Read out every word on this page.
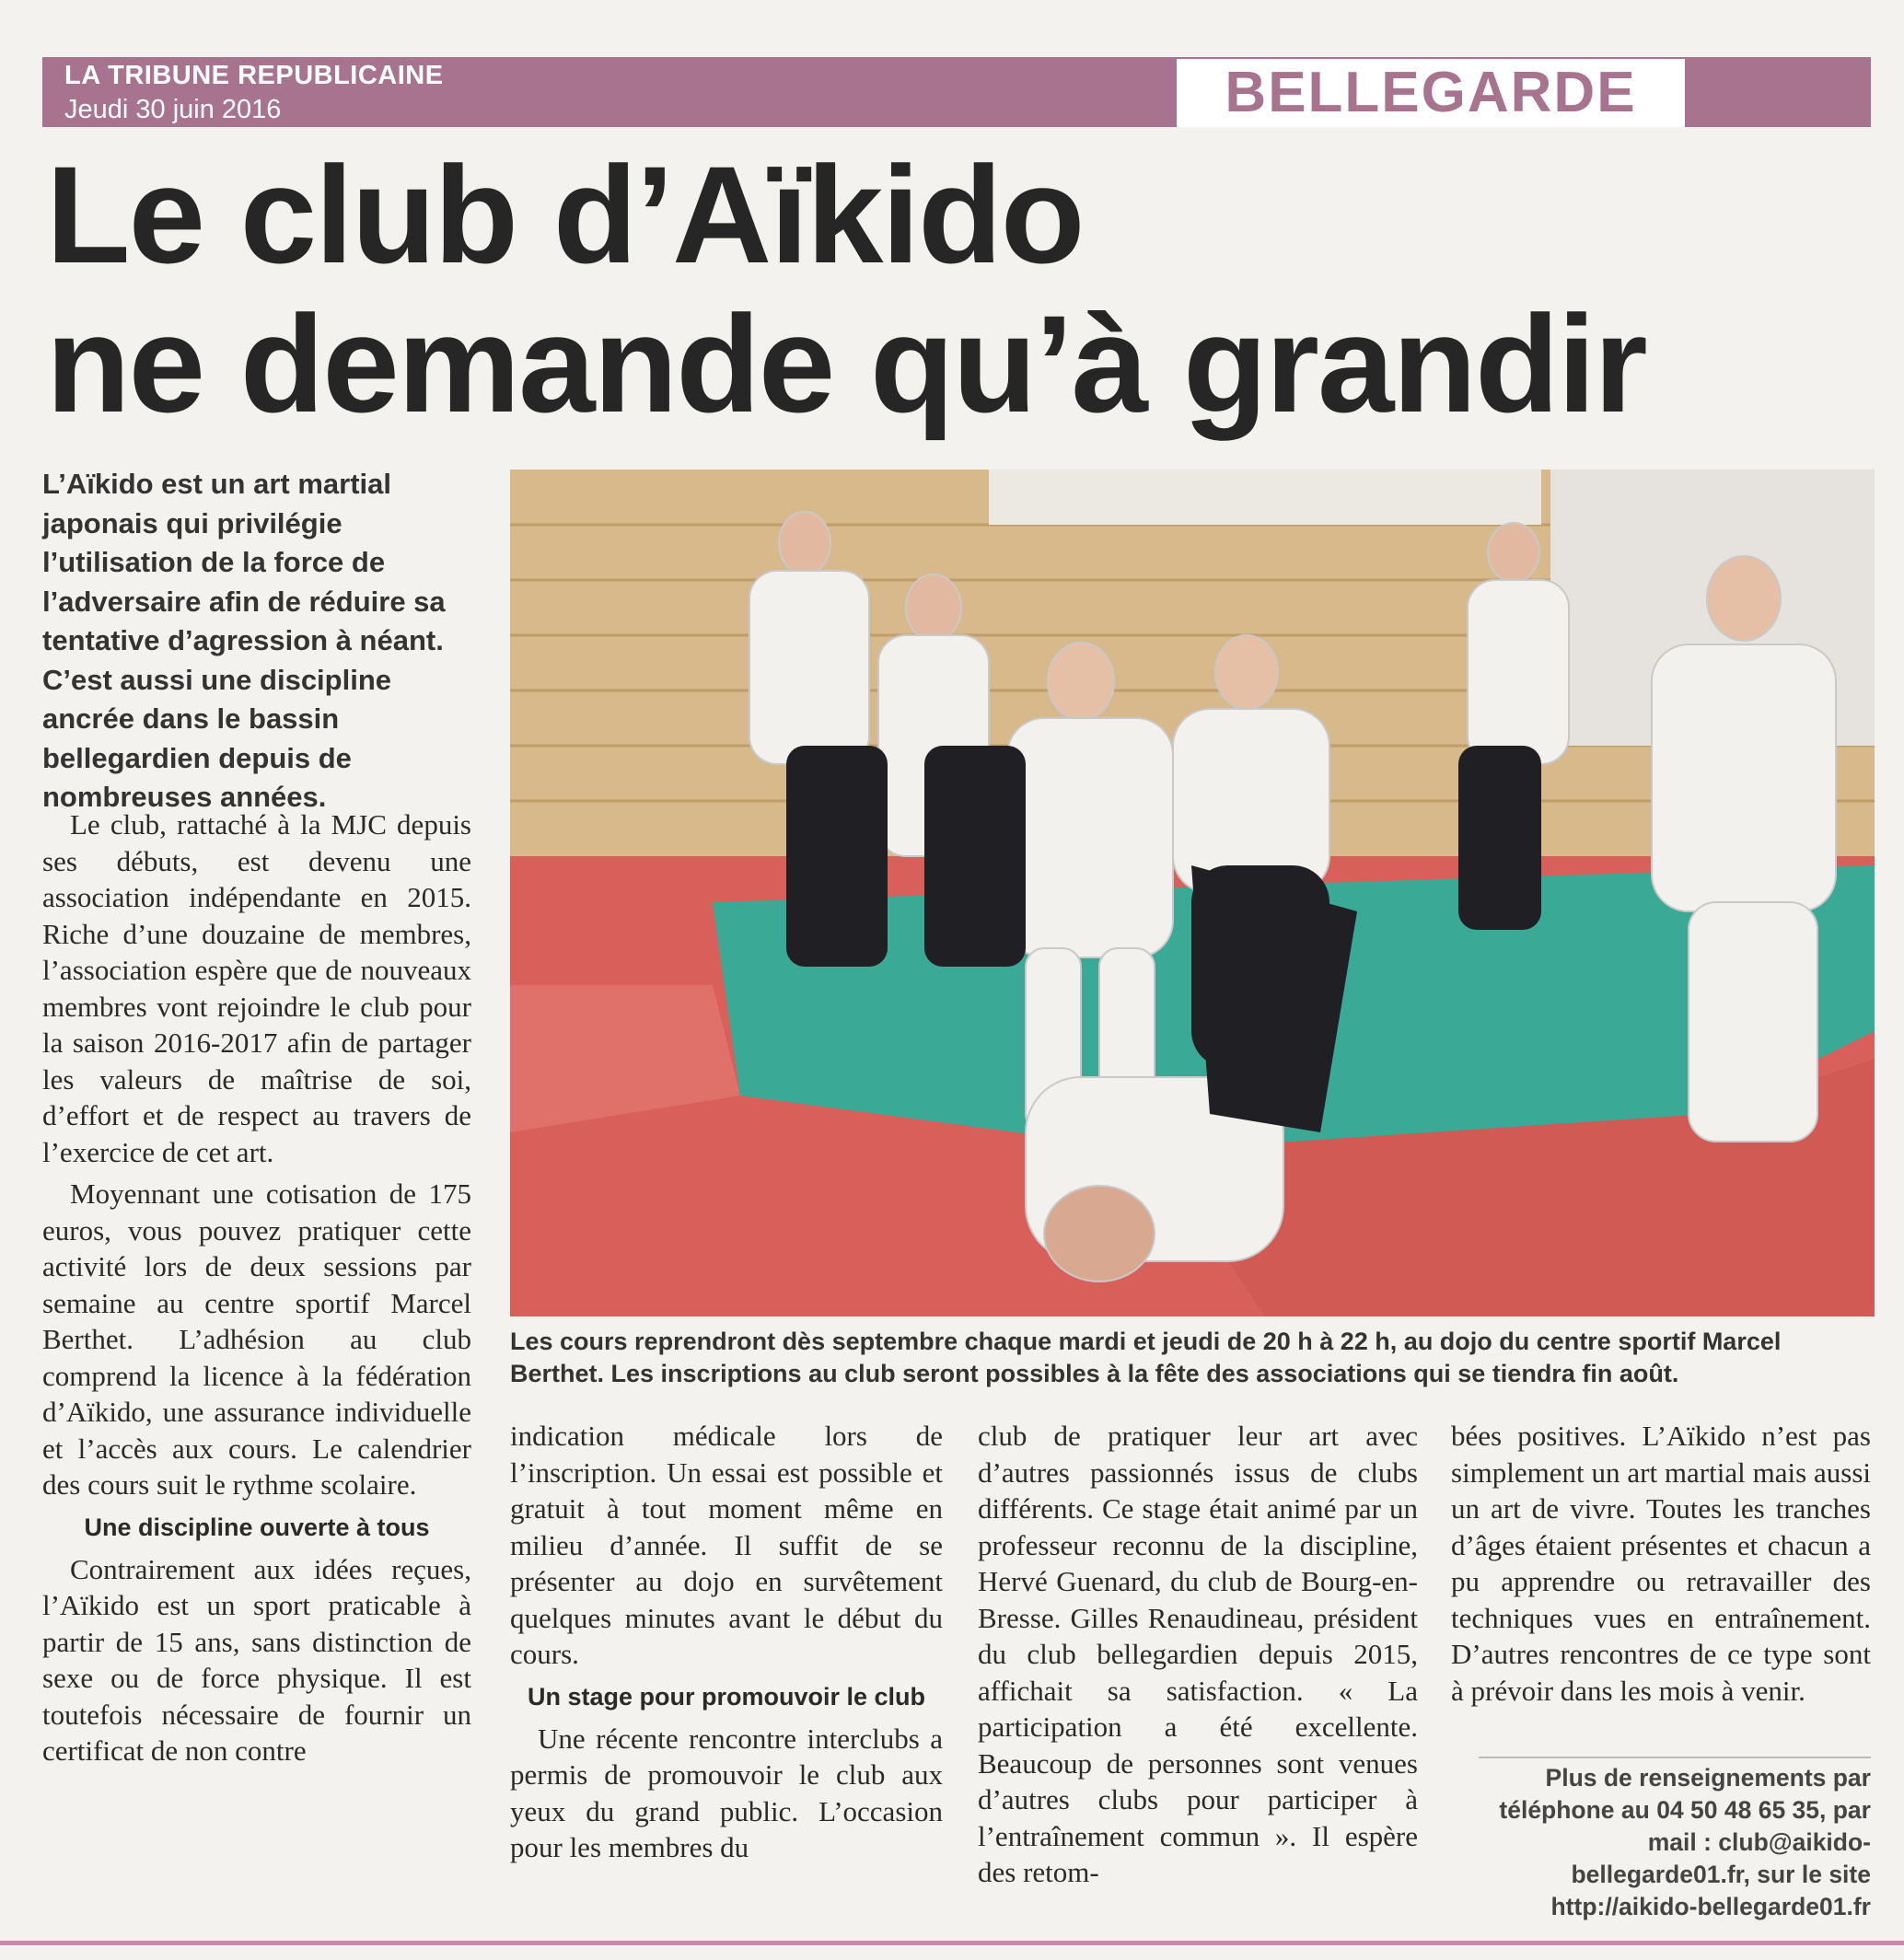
LA TRIBUNE REPUBLICAINE

Jeudi 30 juin 2016	BELLEGARDE

Le club d’Aïkido
ne demande qu’à grandir

L’Aïkido est un art martial japonais qui privilégie l’utilisation de la force de l’adversaire afin de réduire sa tentative d’agression à néant. C’est aussi une discipline ancrée dans le bassin bellegardien depuis de nombreuses années.

Les cours reprendront dès septembre chaque mardi et jeudi de 20 h à 22 h, au dojo du centre sportif Marcel Berthet. Les inscriptions au club seront possibles à la fête des associations qui se tiendra fin août.

Le club, rattaché à la MJC depuis ses débuts, est devenu une association indépendante en 2015. Riche d’une douzaine de membres, l’association espère que de nouveaux membres vont rejoindre le club pour la saison 2016-2017 afin de partager les valeurs de maîtrise de soi, d’effort et de respect au travers de l’exercice de cet art.

Moyennant une cotisation de 175 euros, vous pouvez pratiquer cette activité lors de deux sessions par semaine au centre sportif Marcel Berthet. L’adhésion au club comprend la licence à la fédération d’Aïkido, une assurance individuelle et l’accès aux cours. Le calendrier des cours suit le rythme scolaire.

Une discipline ouverte à tous

Contrairement aux idées reçues, l’Aïkido est un sport praticable à partir de 15 ans, sans distinction de sexe ou de force physique. Il est toutefois nécessaire de fournir un certificat de non contre

indication médicale lors de l’inscription. Un essai est possible et gratuit à tout moment même en milieu d’année. Il suffit de se présenter au dojo en survêtement quelques minutes avant le début du cours.

Un stage pour promouvoir le club

Une récente rencontre interclubs a permis de promouvoir le club aux yeux du grand public. L’occasion pour les membres du

club de pratiquer leur art avec d’autres passionnés issus de clubs différents. Ce stage était animé par un professeur reconnu de la discipline, Hervé Guenard, du club de Bourg-en-Bresse. Gilles Renaudineau, président du club bellegardien depuis 2015, affichait sa satisfaction. « La participation a été excellente. Beaucoup de personnes sont venues d’autres clubs pour participer à l’entraînement commun ». Il espère des retom-

bées positives. L’Aïkido n’est pas simplement un art martial mais aussi un art de vivre. Toutes les tranches d’âges étaient présentes et chacun a pu apprendre ou retravailler des techniques vues en entraînement. D’autres rencontres de ce type sont à prévoir dans les mois à venir.

Plus de renseignements par téléphone au 04 50 48 65 35, par mail : club@aikido-bellegarde01.fr, sur le site http://aikido-bellegarde01.fr
